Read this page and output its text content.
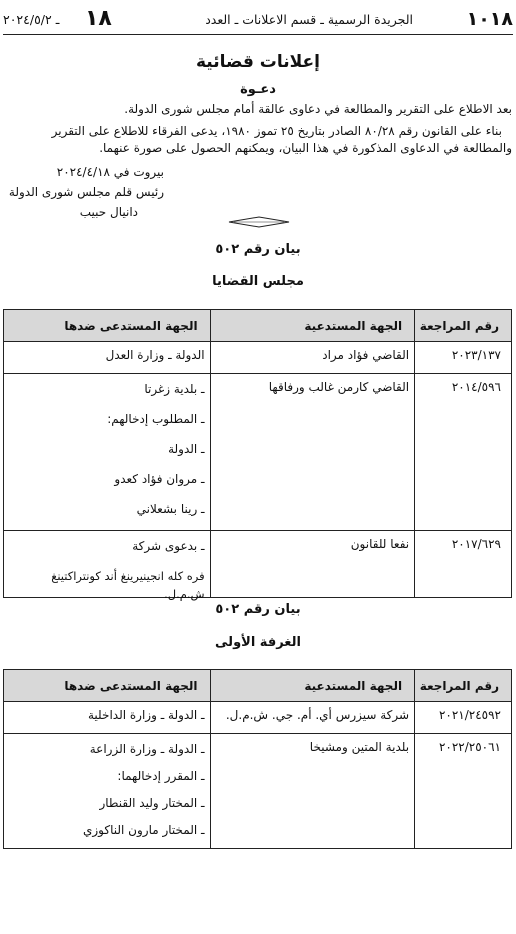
١٠١٨
الجريدة الرسمية ـ قسم الاعلانات ـ العدد
١٨
ـ ٢٠٢٤/٥/٢
إعلانات قضائية
دعـوة
بعد الاطلاع على التقرير والمطالعة في دعاوى عالقة أمام مجلس شورى الدولة.
بناء على القانون رقم ٨٠/٢٨ الصادر بتاريخ ٢٥ تموز ١٩٨٠، يدعى الفرقاء للاطلاع على التقرير والمطالعة في الدعاوى المذكورة في هذا البيان، ويمكنهم الحصول على صورة عنهما.
بيروت في ٢٠٢٤/٤/١٨
رئيس قلم مجلس شورى الدولة
دانيال حبيب
بيان رقم ٥٠٢
مجلس القضايا
رقم المراجعة	الجهة المستدعية	الجهة المستدعى ضدها
٢٠٢٣/١٣٧	القاضي فؤاد مراد	الدولة ـ وزارة العدل

٢٠١٤/٥٩٦	القاضي كارمن غالب ورفاقها	ـ بلدية زغرتا
ـ المطلوب إدخالهم:
ـ الدولة
ـ مروان فؤاد كعدو
ـ رينا بشعلاني

٢٠١٧/٦٢٩	نفعا للقانون	ـ بدعوى شركة
فره كله انجينيرينغ أند كونتراكتينغ ش.م.ل.
بيان رقم ٥٠٢
الغرفة الأولى
رقم المراجعة	الجهة المستدعية	الجهة المستدعى ضدها
٢٠٢١/٢٤٥٩٢	شركة سيزرس أي. أم. جي. ش.م.ل.	ـ الدولة ـ وزارة الداخلية

٢٠٢٢/٢٥٠٦١	بلدية المتين ومشيخا	ـ الدولة ـ وزارة الزراعة
ـ المقرر إدخالهما:
ـ المختار وليد القنطار
ـ المختار مارون الناكوزي
